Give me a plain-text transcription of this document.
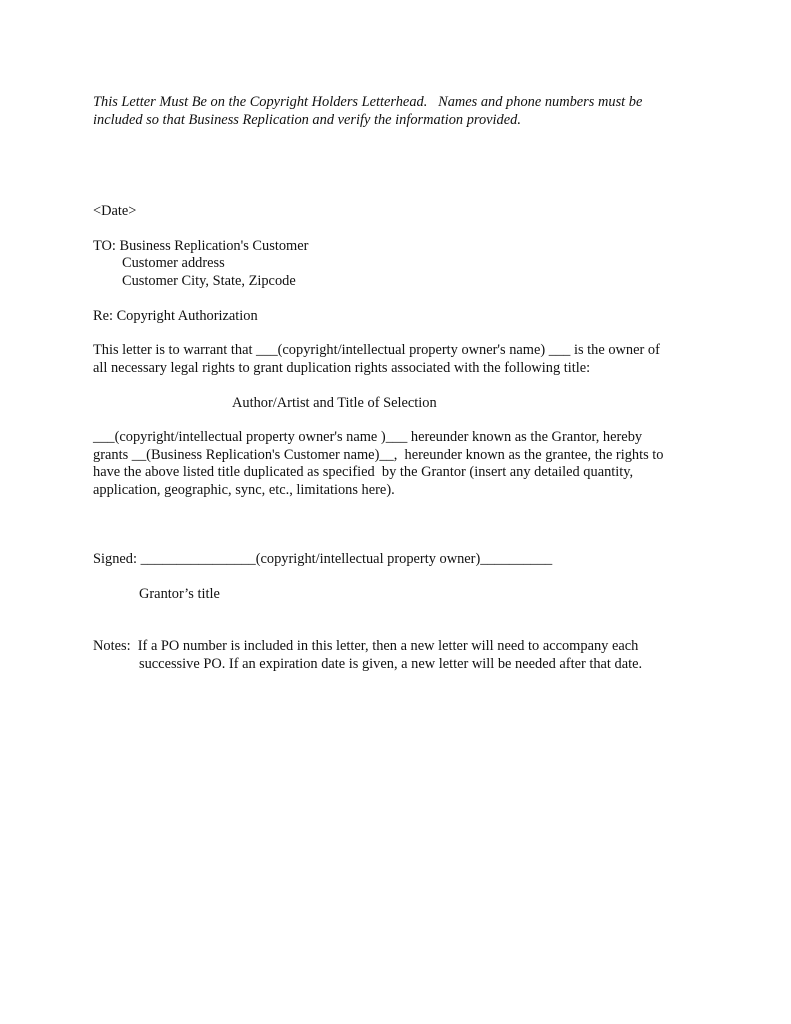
This Letter Must Be on the Copyright Holders Letterhead.   Names and phone numbers must be
included so that Business Replication and verify the information provided.
<Date>
TO: Business Replication's Customer
Customer address
Customer City, State, Zipcode
Re: Copyright Authorization
This letter is to warrant that ___(copyright/intellectual property owner's name) ___ is the owner of
all necessary legal rights to grant duplication rights associated with the following title:
Author/Artist and Title of Selection
___(copyright/intellectual property owner's name )___ hereunder known as the Grantor, hereby
grants __(Business Replication's Customer name)__,  hereunder known as the grantee, the rights to
have the above listed title duplicated as specified  by the Grantor (insert any detailed quantity,
application, geographic, sync, etc., limitations here).
Signed: ________________(copyright/intellectual property owner)__________
Grantor’s title
Notes:  If a PO number is included in this letter, then a new letter will need to accompany each
successive PO. If an expiration date is given, a new letter will be needed after that date.
